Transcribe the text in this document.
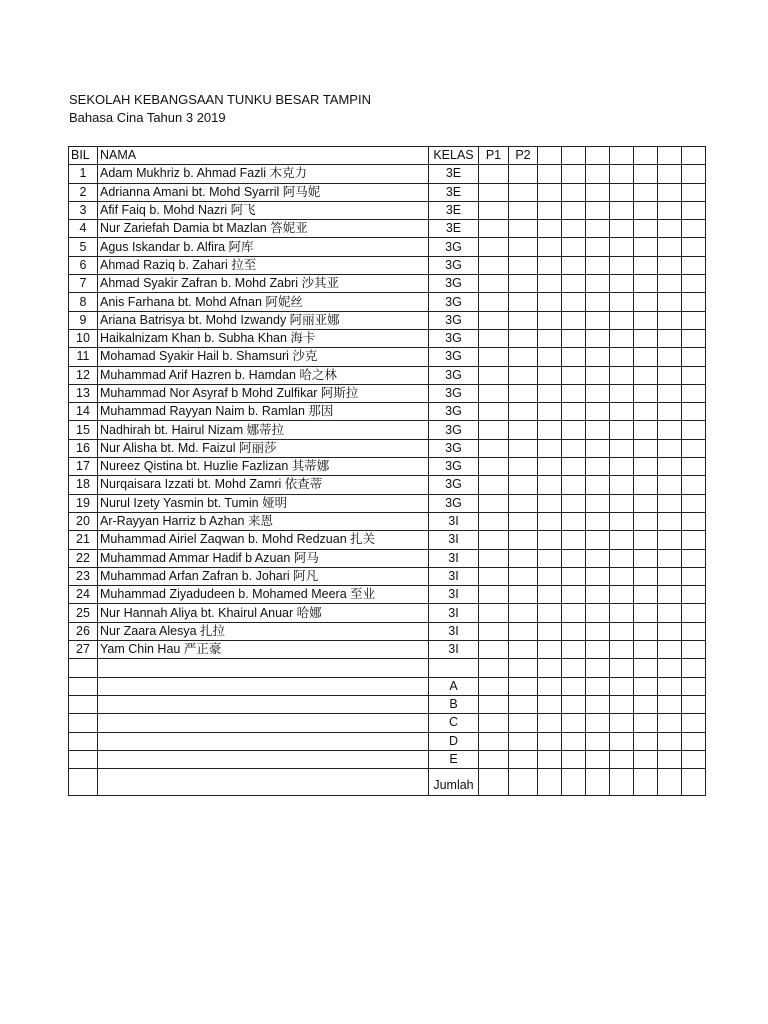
SEKOLAH KEBANGSAAN TUNKU BESAR TAMPIN
Bahasa Cina Tahun 3 2019
BIL	NAMA	KELAS	P1	P2							
1	Adam Mukhriz b. Ahmad Fazli 木克力	3E									
2	Adrianna Amani bt. Mohd Syarril 阿马妮	3E									
3	Afif Faiq b. Mohd Nazri 阿飞	3E									
4	Nur Zariefah Damia bt Mazlan 答妮亚	3E									
5	Agus Iskandar b. Alfira 阿库	3G									
6	Ahmad Raziq b. Zahari 拉至	3G									
7	Ahmad Syakir Zafran b. Mohd Zabri 沙其亚	3G									
8	Anis Farhana bt. Mohd Afnan 阿妮丝	3G									
9	Ariana Batrisya bt. Mohd Izwandy 阿丽亚娜	3G									
10	Haikalnizam Khan b. Subha Khan 海卡	3G									
11	Mohamad Syakir Hail b. Shamsuri 沙克	3G									
12	Muhammad Arif Hazren b. Hamdan 哈之林	3G									
13	Muhammad Nor Asyraf b Mohd Zulfikar 阿斯拉	3G									
14	Muhammad Rayyan Naim b. Ramlan 那因	3G									
15	Nadhirah bt. Hairul Nizam 娜蒂拉	3G									
16	Nur Alisha bt. Md. Faizul 阿丽莎	3G									
17	Nureez Qistina bt. Huzlie Fazlizan 其蒂娜	3G									
18	Nurqaisara Izzati bt. Mohd Zamri 依查蒂	3G									
19	Nurul Izety Yasmin bt. Tumin 娅明	3G									
20	Ar-Rayyan Harriz b Azhan 来恩	3I									
21	Muhammad Airiel Zaqwan b. Mohd Redzuan 扎关	3I									
22	Muhammad Ammar Hadif b Azuan 阿马	3I									
23	Muhammad Arfan Zafran b. Johari 阿凡	3I									
24	Muhammad Ziyadudeen b. Mohamed Meera 至业	3I									
25	Nur Hannah Aliya bt. Khairul Anuar 哈娜	3I									
26	Nur Zaara Alesya 扎拉	3I									
27	Yam Chin Hau 严正豪	3I									

		A									
		B									
		C									
		D									
		E									
		Jumlah									
